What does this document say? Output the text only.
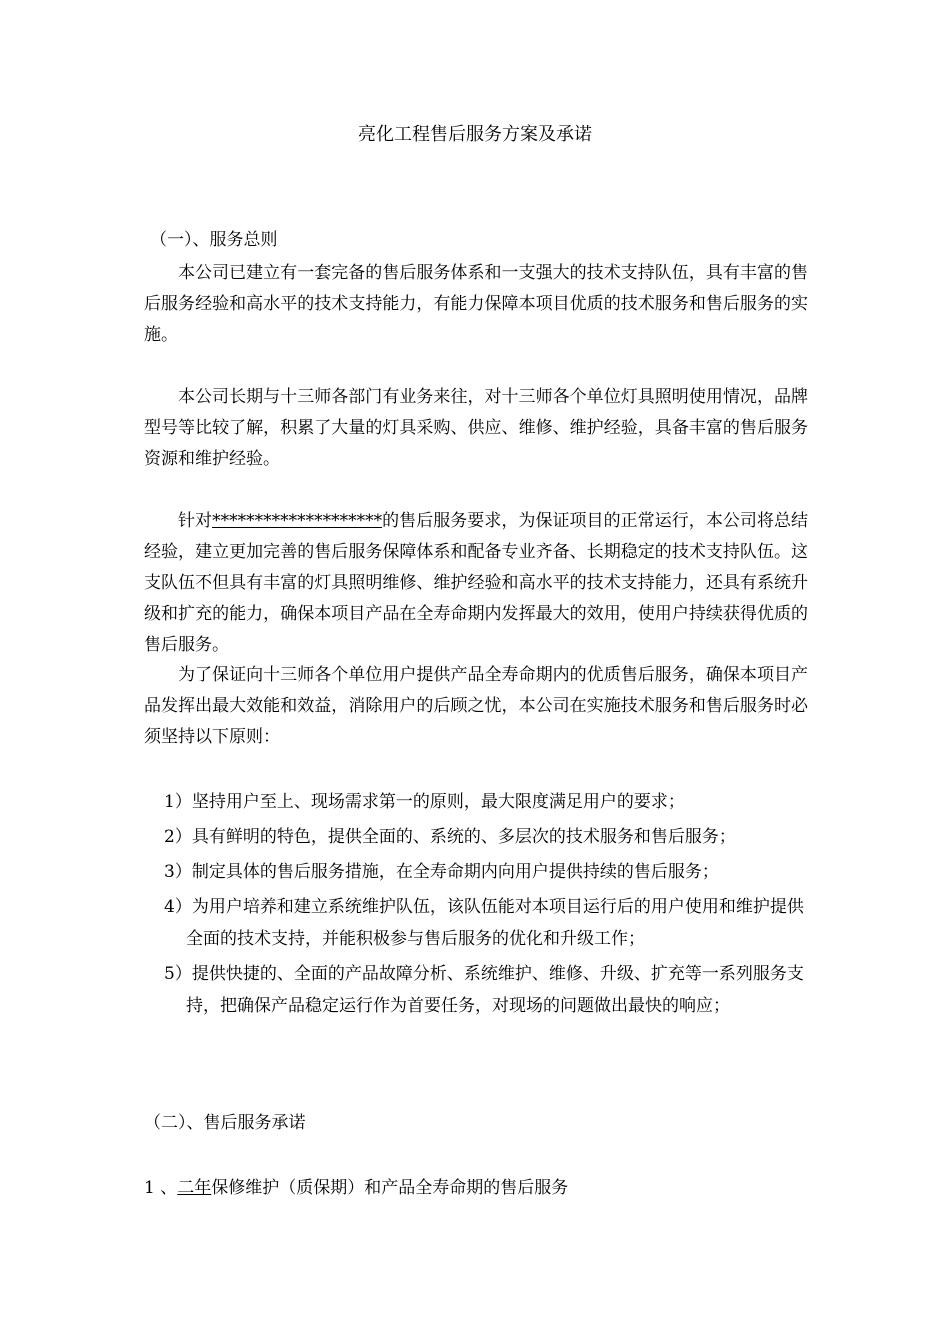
亮化工程售后服务方案及承诺
（一）、服务总则

本公司已建立有一套完备的售后服务体系和一支强大的技术支持队伍，具有丰富的售后服务经验和高水平的技术支持能力，有能力保障本项目优质的技术服务和售后服务的实施。

本公司长期与十三师各部门有业务来往，对十三师各个单位灯具照明使用情况，品牌型号等比较了解，积累了大量的灯具采购、供应、维修、维护经验，具备丰富的售后服务资源和维护经验。

针对********************的售后服务要求，为保证项目的正常运行，本公司将总结经验，建立更加完善的售后服务保障体系和配备专业齐备、长期稳定的技术支持队伍。这支队伍不但具有丰富的灯具照明维修、维护经验和高水平的技术支持能力，还具有系统升级和扩充的能力，确保本项目产品在全寿命期内发挥最大的效用，使用户持续获得优质的售后服务。

为了保证向十三师各个单位用户提供产品全寿命期内的优质售后服务，确保本项目产品发挥出最大效能和效益，消除用户的后顾之忧，本公司在实施技术服务和售后服务时必须坚持以下原则：

1）坚持用户至上、现场需求第一的原则，最大限度满足用户的要求；
2）具有鲜明的特色，提供全面的、系统的、多层次的技术服务和售后服务；
3）制定具体的售后服务措施，在全寿命期内向用户提供持续的售后服务；
4）为用户培养和建立系统维护队伍，该队伍能对本项目运行后的用户使用和维护提供全面的技术支持，并能积极参与售后服务的优化和升级工作；
5）提供快捷的、全面的产品故障分析、系统维护、维修、升级、扩充等一系列服务支持，把确保产品稳定运行作为首要任务，对现场的问题做出最快的响应；
（二）、售后服务承诺

1 、二年保修维护（质保期）和产品全寿命期的售后服务
